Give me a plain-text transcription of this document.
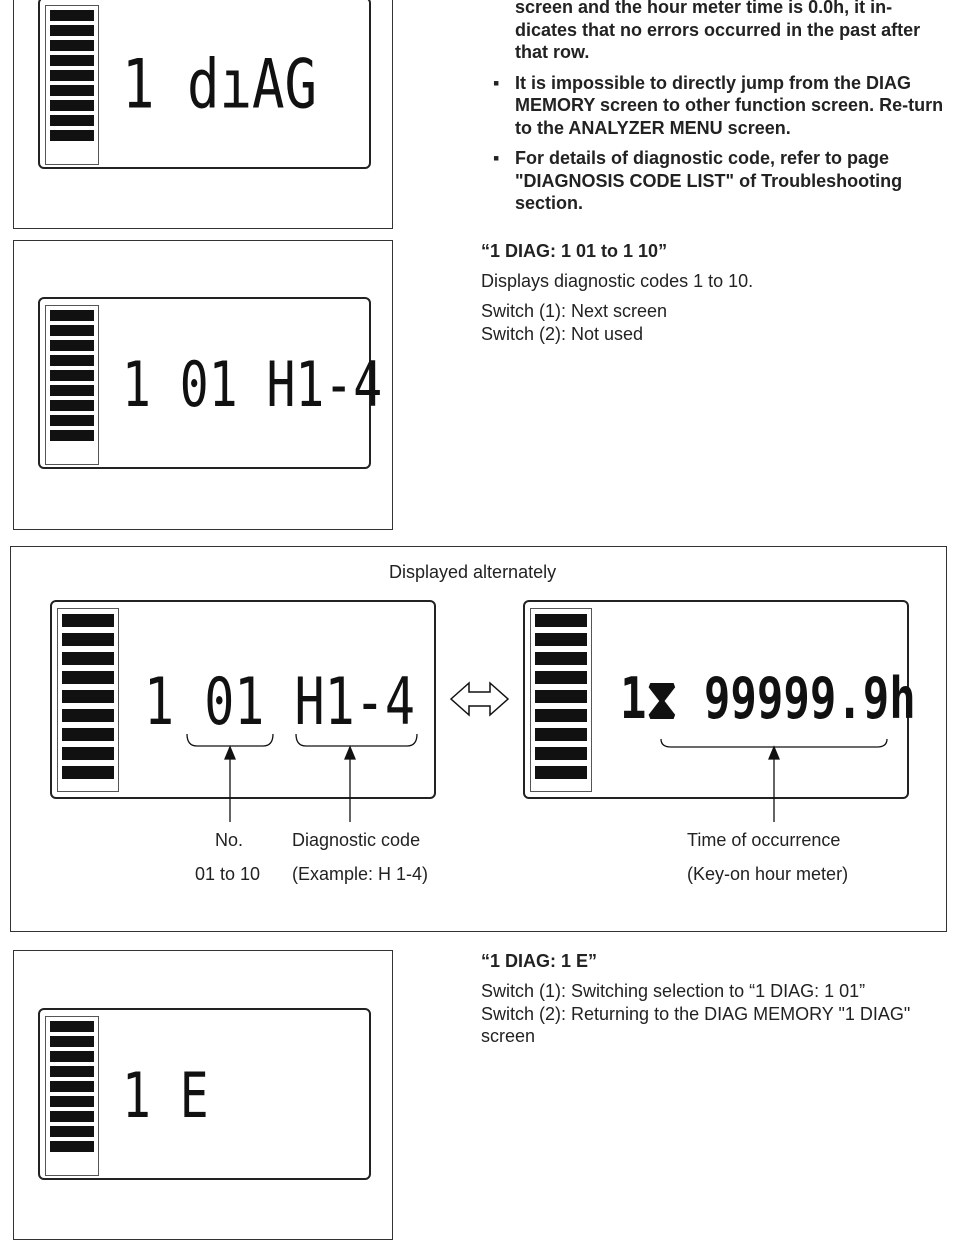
1 dıAG
screen and the hour meter time is 0.0h, it in-dicates that no errors occurred in the past after that row.
▪ It is impossible to directly jump from the DIAG MEMORY screen to other function screen. Re-turn to the ANALYZER MENU screen.
▪ For details of diagnostic code, refer to page "DIAGNOSIS CODE LIST" of Troubleshooting section.
1 01 H1-4
“1 DIAG: 1 01 to 1 10”
Displays diagnostic codes 1 to 10.
Switch (1): Next screen
Switch (2): Not used
Displayed alternately
1 01 H1-4	1⧗ 99999.9h
No.
01 to 10
Diagnostic code
(Example: H 1-4)
Time of occurrence
(Key-on hour meter)
1 E
“1 DIAG: 1 E”
Switch (1): Switching selection to “1 DIAG: 1 01”
Switch (2): Returning to the DIAG MEMORY "1 DIAG" screen
